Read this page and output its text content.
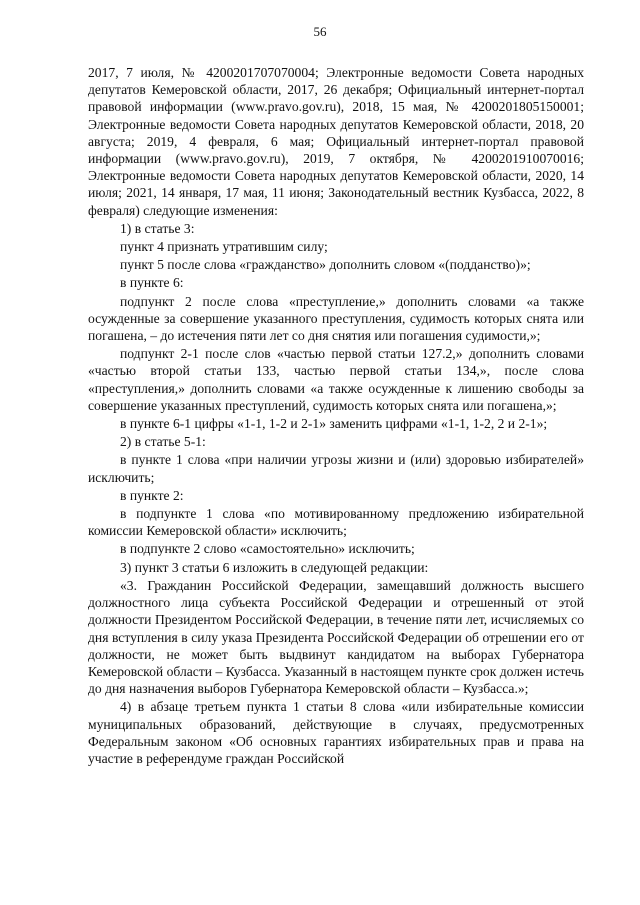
56

2017, 7 июля, № 4200201707070004; Электронные ведомости Совета народных депутатов Кемеровской области, 2017, 26 декабря; Официальный интернет-портал правовой информации (www.pravo.gov.ru), 2018, 15 мая, № 4200201805150001; Электронные ведомости Совета народных депутатов Кемеровской области, 2018, 20 августа; 2019, 4 февраля, 6 мая; Официальный интернет-портал правовой информации (www.pravo.gov.ru), 2019, 7 октября, № 4200201910070016; Электронные ведомости Совета народных депутатов Кемеровской области, 2020, 14 июля; 2021, 14 января, 17 мая, 11 июня; Законодательный вестник Кузбасса, 2022, 8 февраля) следующие изменения:

1) в статье 3:

пункт 4 признать утратившим силу;

пункт 5 после слова «гражданство» дополнить словом «(подданство)»;

в пункте 6:

подпункт 2 после слова «преступление,» дополнить словами «а также осужденные за совершение указанного преступления, судимость которых снята или погашена, – до истечения пяти лет со дня снятия или погашения судимости,»;

подпункт 2-1 после слов «частью первой статьи 127.2,» дополнить словами «частью второй статьи 133, частью первой статьи 134,», после слова «преступления,» дополнить словами «а также осужденные к лишению свободы за совершение указанных преступлений, судимость которых снята или погашена,»;

в пункте 6-1 цифры «1-1, 1-2 и 2-1» заменить цифрами «1-1, 1-2, 2 и 2-1»;

2) в статье 5-1:

в пункте 1 слова «при наличии угрозы жизни и (или) здоровью избирателей» исключить;

в пункте 2:

в подпункте 1 слова «по мотивированному предложению избирательной комиссии Кемеровской области» исключить;

в подпункте 2 слово «самостоятельно» исключить;

3) пункт 3 статьи 6 изложить в следующей редакции:

«3. Гражданин Российской Федерации, замещавший должность высшего должностного лица субъекта Российской Федерации и отрешенный от этой должности Президентом Российской Федерации, в течение пяти лет, исчисляемых со дня вступления в силу указа Президента Российской Федерации об отрешении его от должности, не может быть выдвинут кандидатом на выборах Губернатора Кемеровской области – Кузбасса. Указанный в настоящем пункте срок должен истечь до дня назначения выборов Губернатора Кемеровской области – Кузбасса.»;

4) в абзаце третьем пункта 1 статьи 8 слова «или избирательные комиссии муниципальных образований, действующие в случаях, предусмотренных Федеральным законом «Об основных гарантиях избирательных прав и права на участие в референдуме граждан Российской
